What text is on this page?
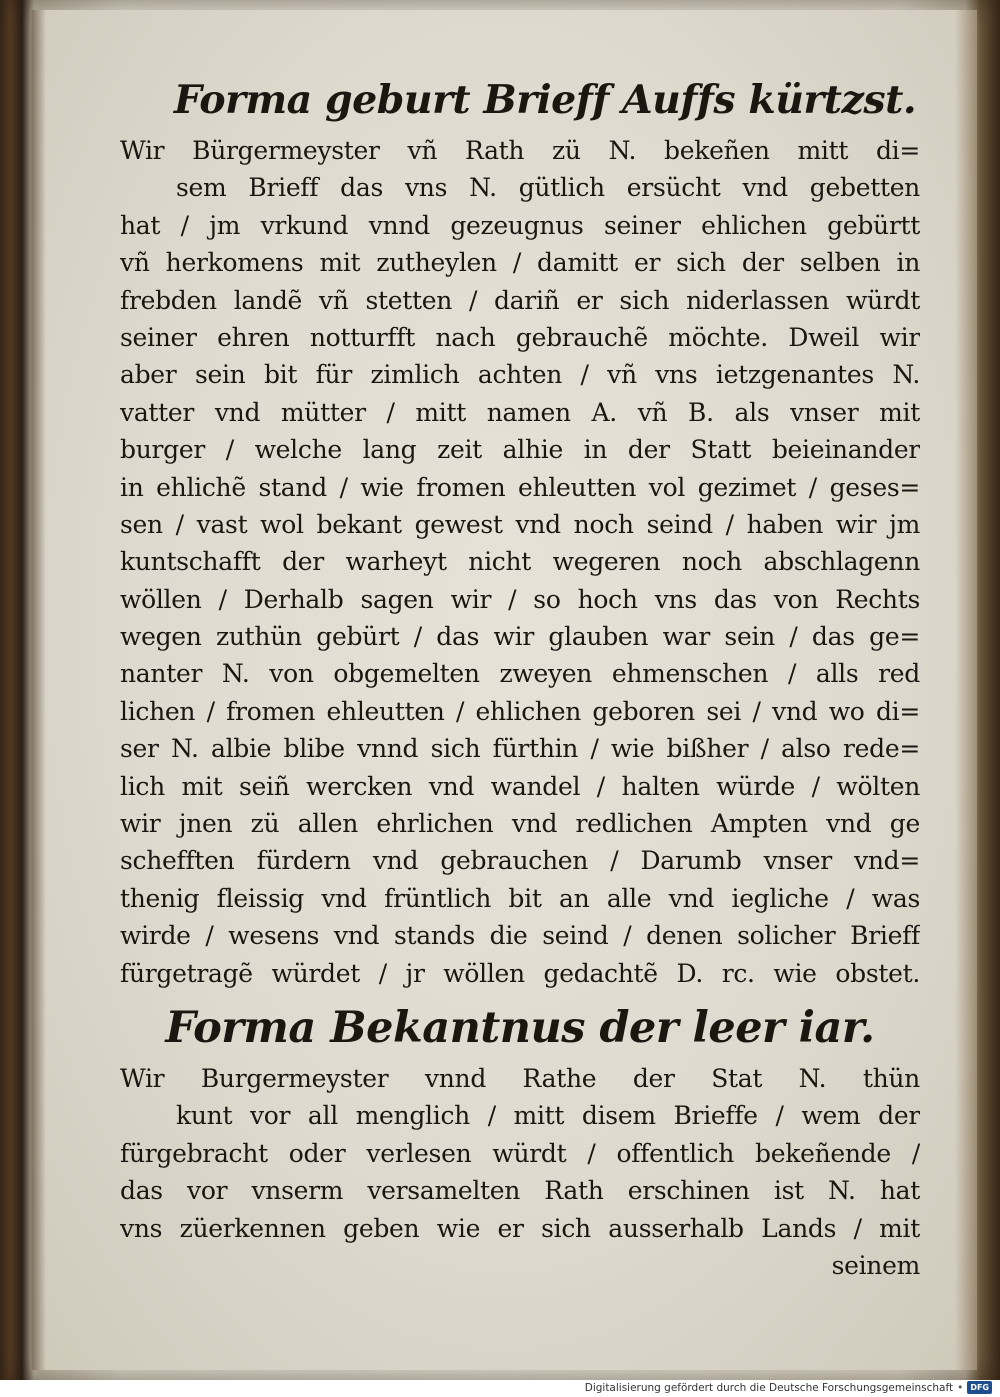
Forma geburt Brieff Auffs kürtzst.
Wir Bürgermeyster vñ Rath zü N. bekeñen mitt di=
sem Brieff das vns N. gütlich ersücht vnd gebetten
hat / jm vrkund vnnd gezeugnus seiner ehlichen gebürtt
vñ herkomens mit zutheylen / damitt er sich der selben in
frebden landẽ vñ stetten / dariñ er sich niderlassen würdt
seiner ehren notturfft nach gebrauchẽ möchte. Dweil wir
aber sein bit für zimlich achten / vñ vns ietzgenantes N.
vatter vnd mütter / mitt namen A. vñ B. als vnser mit
burger / welche lang zeit alhie in der Statt beieinander
in ehlichẽ stand / wie fromen ehleutten vol gezimet / geses=
sen / vast wol bekant gewest vnd noch seind / haben wir jm
kuntschafft der warheyt nicht wegeren noch abschlagenn
wöllen / Derhalb sagen wir / so hoch vns das von Rechts
wegen zuthün gebürt / das wir glauben war sein / das ge=
nanter N. von obgemelten zweyen ehmenschen / alls red
lichen / fromen ehleutten / ehlichen geboren sei / vnd wo di=
ser N. albie blibe vnnd sich fürthin / wie bißher / also rede=
lich mit seiñ wercken vnd wandel / halten würde / wölten
wir jnen zü allen ehrlichen vnd redlichen Ampten vnd ge
schefften fürdern vnd gebrauchen / Darumb vnser vnd=
thenig fleissig vnd früntlich bit an alle vnd iegliche / was
wirde / wesens vnd stands die seind / denen solicher Brieff
fürgetragẽ würdet / jr wöllen gedachtẽ D. rc. wie obstet.
Forma Bekantnus der leer iar.
Wir Burgermeyster vnnd Rathe der Stat N. thün
kunt vor all menglich / mitt disem Brieffe / wem der
fürgebracht oder verlesen würdt / offentlich bekeñende /
das vor vnserm versamelten Rath erschinen ist N. hat
vns züerkennen geben wie er sich ausserhalb Lands / mit
seinem
Digitalisierung gefördert durch die Deutsche Forschungsgemeinschaft • DFG
